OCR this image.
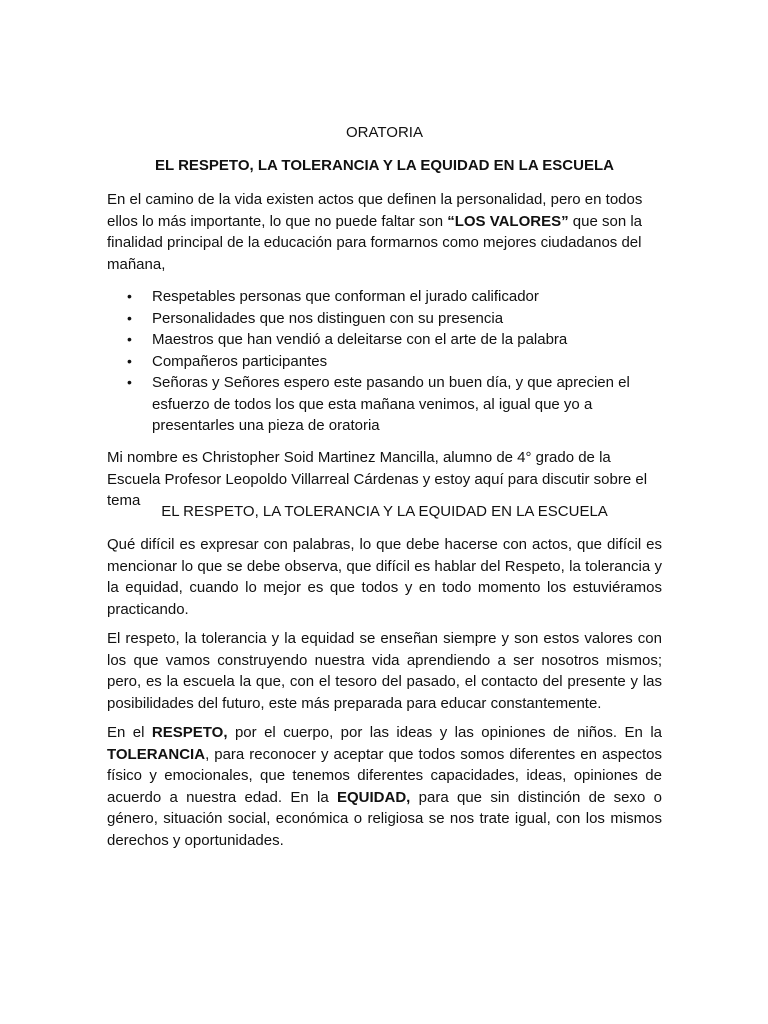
ORATORIA
EL RESPETO, LA TOLERANCIA Y LA EQUIDAD EN LA ESCUELA

En el camino de la vida existen actos que definen la personalidad, pero en todos ellos lo más importante, lo que no puede faltar son “LOS VALORES” que son la finalidad principal de la educación para formarnos como mejores ciudadanos del mañana,

• Respetables personas que conforman el jurado calificador
• Personalidades que nos distinguen con su presencia
• Maestros que han vendió a deleitarse con el arte de la palabra
• Compañeros participantes
• Señoras y Señores espero este pasando un buen día, y que aprecien el esfuerzo de todos los que esta mañana venimos, al igual que yo a presentarles una pieza de oratoria

Mi nombre es Christopher Soid Martinez Mancilla, alumno de 4° grado de la Escuela Profesor Leopoldo Villarreal Cárdenas y estoy aquí para discutir sobre el tema

EL RESPETO, LA TOLERANCIA Y LA EQUIDAD EN LA ESCUELA

Qué difícil es expresar con palabras, lo que debe hacerse con actos, que difícil es mencionar lo que se debe observa, que difícil es hablar del Respeto, la tolerancia y la equidad, cuando lo mejor es que todos y en todo momento los estuviéramos practicando.

El respeto, la tolerancia y la equidad se enseñan siempre y son estos valores con los que vamos construyendo nuestra vida aprendiendo a ser nosotros mismos; pero, es la escuela la que, con el tesoro del pasado, el contacto del presente y las posibilidades del futuro, este más preparada para educar constantemente.

En el RESPETO, por el cuerpo, por las ideas y las opiniones de niños. En la TOLERANCIA, para reconocer y aceptar que todos somos diferentes en aspectos físico y emocionales, que tenemos diferentes capacidades, ideas, opiniones de acuerdo a nuestra edad. En la EQUIDAD, para que sin distinción de sexo o género, situación social, económica o religiosa se nos trate igual, con los mismos derechos y oportunidades.
